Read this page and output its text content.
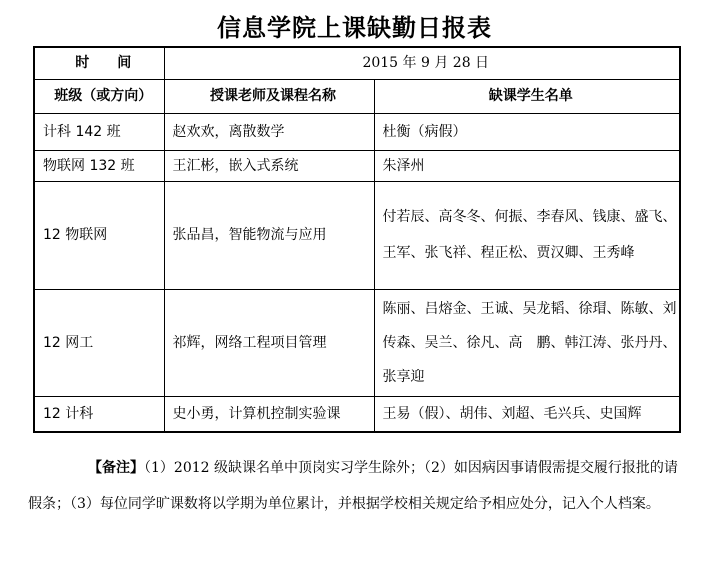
信息学院上课缺勤日报表
时　　间	2015 年 9 月 28 日	
班级（或方向）	授课老师及课程名称	缺课学生名单
计科 142 班	赵欢欢，离散数学	杜衡（病假）
物联网 132 班	王汇彬，嵌入式系统	朱泽州
12 物联网	张品昌，智能物流与应用	付若辰、高冬冬、何振、李春风、钱康、盛飞、王军、张飞祥、程正松、贾汉卿、王秀峰
12 网工	祁辉，网络工程项目管理	陈丽、吕熔金、王诚、吴龙韬、徐瑁、陈敏、刘传森、吴兰、徐凡、高　鹏、韩江涛、张丹丹、张享迎
12 计科	史小勇，计算机控制实验课	王易（假）、胡伟、刘超、毛兴兵、史国辉
【备注】（1）2012 级缺课名单中顶岗实习学生除外；（2）如因病因事请假需提交履行报批的请假条；（3）每位同学旷课数将以学期为单位累计，并根据学校相关规定给予相应处分，记入个人档案。
